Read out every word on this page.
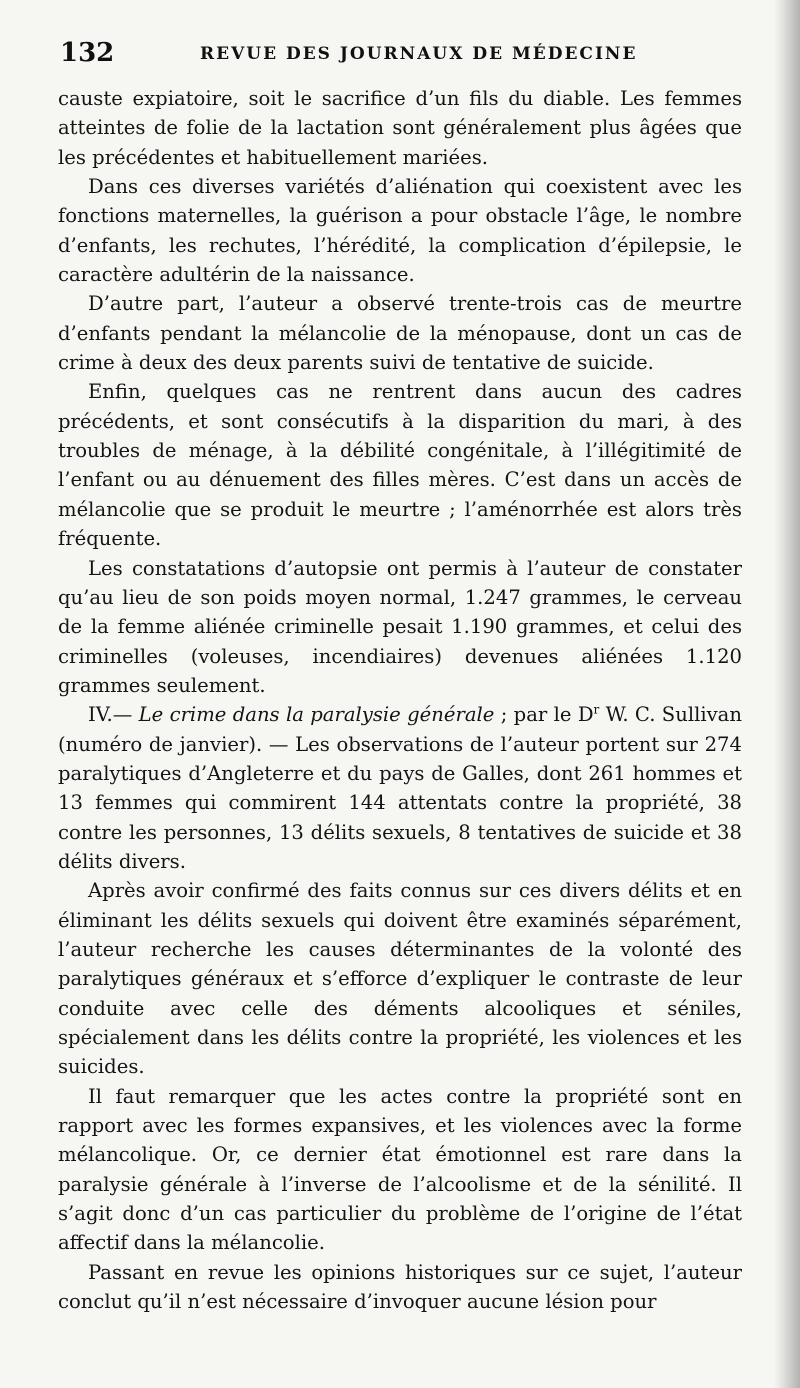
132	REVUE DES JOURNAUX DE MÉDECINE

causte expiatoire, soit le sacrifice d’un fils du diable. Les femmes atteintes de folie de la lactation sont généralement plus âgées que les précédentes et habituellement mariées.

Dans ces diverses variétés d’aliénation qui coexistent avec les fonctions maternelles, la guérison a pour obstacle l’âge, le nombre d’enfants, les rechutes, l’hérédité, la complication d’épilepsie, le caractère adultérin de la naissance.

D’autre part, l’auteur a observé trente-trois cas de meurtre d’enfants pendant la mélancolie de la ménopause, dont un cas de crime à deux des deux parents suivi de tentative de suicide.

Enfin, quelques cas ne rentrent dans aucun des cadres précédents, et sont consécutifs à la disparition du mari, à des troubles de ménage, à la débilité congénitale, à l’illégitimité de l’enfant ou au dénuement des filles mères. C’est dans un accès de mélancolie que se produit le meurtre ; l’aménorrhée est alors très fréquente.

Les constatations d’autopsie ont permis à l’auteur de constater qu’au lieu de son poids moyen normal, 1.247 grammes, le cerveau de la femme aliénée criminelle pesait 1.190 grammes, et celui des criminelles (voleuses, incendiaires) devenues aliénées 1.120 grammes seulement.

IV.— Le crime dans la paralysie générale ; par le $D^r$ W. C. Sullivan (numéro de janvier). — Les observations de l’auteur portent sur 274 paralytiques d’Angleterre et du pays de Galles, dont 261 hommes et 13 femmes qui commirent 144 attentats contre la propriété, 38 contre les personnes, 13 délits sexuels, 8 tentatives de suicide et 38 délits divers.

Après avoir confirmé des faits connus sur ces divers délits et en éliminant les délits sexuels qui doivent être examinés séparément, l’auteur recherche les causes déterminantes de la volonté des paralytiques généraux et s’efforce d’expliquer le contraste de leur conduite avec celle des déments alcooliques et séniles, spécialement dans les délits contre la propriété, les violences et les suicides.

Il faut remarquer que les actes contre la propriété sont en rapport avec les formes expansives, et les violences avec la forme mélancolique. Or, ce dernier état émotionnel est rare dans la paralysie générale à l’inverse de l’alcoolisme et de la sénilité. Il s’agit donc d’un cas particulier du problème de l’origine de l’état affectif dans la mélancolie.

Passant en revue les opinions historiques sur ce sujet, l’auteur conclut qu’il n’est nécessaire d’invoquer aucune lésion pour
